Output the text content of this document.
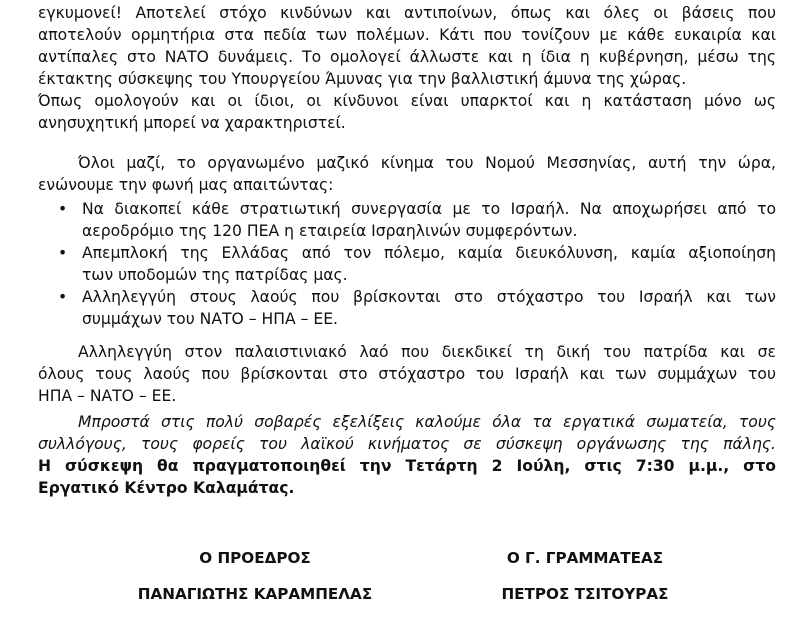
εγκυμονεί! Αποτελεί στόχο κινδύνων και αντιποίνων, όπως και όλες οι βάσεις που
αποτελούν ορμητήρια στα πεδία των πολέμων. Κάτι που τονίζουν με κάθε ευκαιρία και
αντίπαλες στο ΝΑΤΟ δυνάμεις. Το ομολογεί άλλωστε και η ίδια η κυβέρνηση, μέσω της
έκτακτης σύσκεψης του Υπουργείου Άμυνας για την βαλλιστική άμυνα της χώρας.
Όπως ομολογούν και οι ίδιοι, οι κίνδυνοι είναι υπαρκτοί και η κατάσταση μόνο ως
ανησυχητική μπορεί να χαρακτηριστεί.
Όλοι μαζί, το οργανωμένο μαζικό κίνημα του Νομού Μεσσηνίας, αυτή την ώρα,
ενώνουμε την φωνή μας απαιτώντας:
• Να διακοπεί κάθε στρατιωτική συνεργασία με το Ισραήλ. Να αποχωρήσει από το
αεροδρόμιο της 120 ΠΕΑ η εταιρεία Ισραηλινών συμφερόντων.
• Απεμπλοκή της Ελλάδας από τον πόλεμο, καμία διευκόλυνση, καμία αξιοποίηση
των υποδομών της πατρίδας μας.
• Αλληλεγγύη στους λαούς που βρίσκονται στο στόχαστρο του Ισραήλ και των
συμμάχων του ΝΑΤΟ – ΗΠΑ – ΕΕ.
Αλληλεγγύη στον παλαιστινιακό λαό που διεκδικεί τη δική του πατρίδα και σε
όλους τους λαούς που βρίσκονται στο στόχαστρο του Ισραήλ και των συμμάχων του
ΗΠΑ – ΝΑΤΟ – ΕΕ.
Μπροστά στις πολύ σοβαρές εξελίξεις καλούμε όλα τα εργατικά σωματεία, τους
συλλόγους, τους φορείς του λαϊκού κινήματος σε σύσκεψη οργάνωσης της πάλης.
Η σύσκεψη θα πραγματοποιηθεί την Τετάρτη 2 Ιούλη, στις 7:30 μ.μ., στο
Εργατικό Κέντρο Καλαμάτας.
Ο ΠΡΟΕΔΡΟΣ
ΠΑΝΑΓΙΩΤΗΣ ΚΑΡΑΜΠΕΛΑΣ
Ο Γ. ΓΡΑΜΜΑΤΕΑΣ
ΠΕΤΡΟΣ ΤΣΙΤΟΥΡΑΣ
